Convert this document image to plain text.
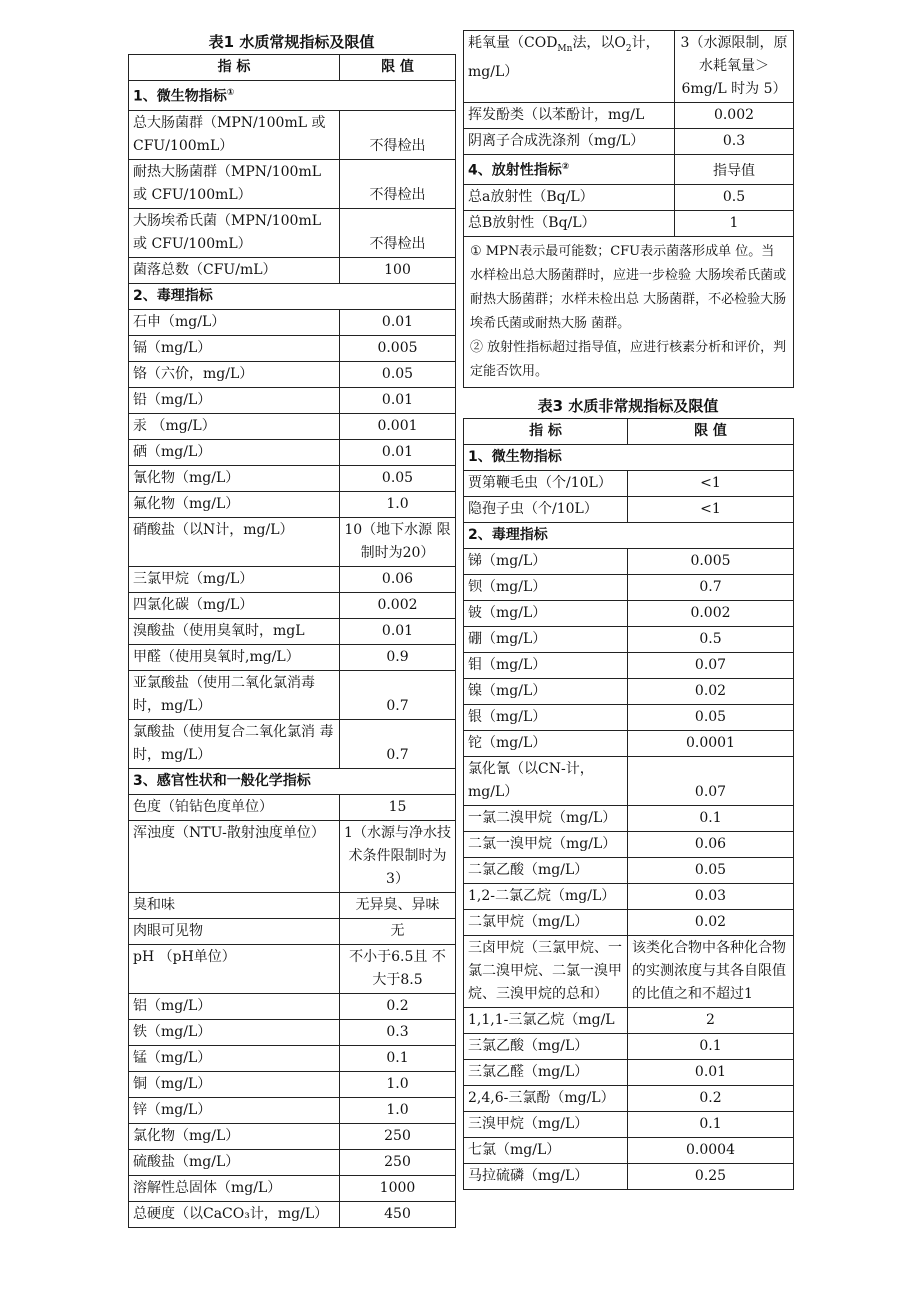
表1 水质常规指标及限值
指 标	限 值
1、微生物指标①
总大肠菌群（MPN/100mL 或CFU/100mL）	不得检出
耐热大肠菌群（MPN/100mL 或 CFU/100mL）	不得检出
大肠埃希氏菌（MPN/100mL 或 CFU/100mL）	不得检出
菌落总数（CFU/mL）	100
2、毒理指标	
石申（mg/L）	0.01
镉（mg/L）	0.005
铬（六价，mg/L）	0.05
铅（mg/L）	0.01
汞 （mg/L）	0.001
硒（mg/L）	0.01
氰化物（mg/L）	0.05
氟化物（mg/L）	1.0
硝酸盐（以N计，mg/L）	10（地下水源 限制时为20）
三氯甲烷（mg/L）	0.06
四氯化碳（mg/L）	0.002
溴酸盐（使用臭氧时，mgL	0.01
甲醛（使用臭氧时,mg/L）	0.9
亚氯酸盐（使用二氧化氯消毒 时，mg/L）	0.7
氯酸盐（使用复合二氧化氯消 毒时，mg/L）	0.7
3、感官性状和一般化学指标	
色度（铂钻色度单位）	15
浑浊度（NTU-散射浊度单位）	1（水源与净水技术条件限制时为3）
臭和味	无异臭、异味
肉眼可见物	无
pH （pH单位）	不小于6.5且 不大于8.5
铝（mg/L）	0.2
铁（mg/L）	0.3
锰（mg/L）	0.1
铜（mg/L）	1.0
锌（mg/L）	1.0
氯化物（mg/L）	250
硫酸盐（mg/L）	250
溶解性总固体（mg/L）	1000
总硬度（以CaCO₃计，mg/L）	450
耗氧量（$COD_{Mn}$法，以$O_2$计，mg/L）	3（水源限制，原水耗氧量＞6mg/L 时为 5）
挥发酚类（以苯酚计，mg/L	0.002
阴离子合成洗涤剂（mg/L）	0.3
4、放射性指标②	指导值
总a放射性（Bq/L）	0.5
总B放射性（Bq/L）	1

① MPN表示最可能数；CFU表示菌落形成单 位。当水样检出总大肠菌群时，应进一步检验 大肠埃希氏菌或耐热大肠菌群；水样未检出总 大肠菌群，不必检验大肠埃希氏菌或耐热大肠 菌群。

② 放射性指标超过指导值，应进行核素分析和评价，判定能否饮用。	

表3 水质非常规指标及限值
指 标	限 值
1、微生物指标	
贾第鞭毛虫（个/10L）	<1
隐孢子虫（个/10L）	<1
2、毒理指标	
锑（mg/L）	0.005
钡（mg/L）	0.7
铍（mg/L）	0.002
硼（mg/L）	0.5
钼（mg/L）	0.07
镍（mg/L）	0.02
银（mg/L）	0.05
铊（mg/L）	0.0001
氯化氰（以CN-计，mg/L）	0.07
一氯二溴甲烷（mg/L）	0.1
二氯一溴甲烷（mg/L）	0.06
二氯乙酸（mg/L）	0.05
1,2-二氯乙烷（mg/L）	0.03
二氯甲烷（mg/L）	0.02
三卤甲烷（三氯甲烷、一氯二溴甲烷、二氯一溴甲烷、三溴甲烷的总和）	该类化合物中各种化合物的实测浓度与其各自限值的比值之和不超过1
1,1,1-三氯乙烷（mg/L	2
三氯乙酸（mg/L）	0.1
三氯乙醛（mg/L）	0.01
2,4,6-三氯酚（mg/L）	0.2
三溴甲烷（mg/L）	0.1
七氯（mg/L）	0.0004
马拉硫磷（mg/L）	0.25
